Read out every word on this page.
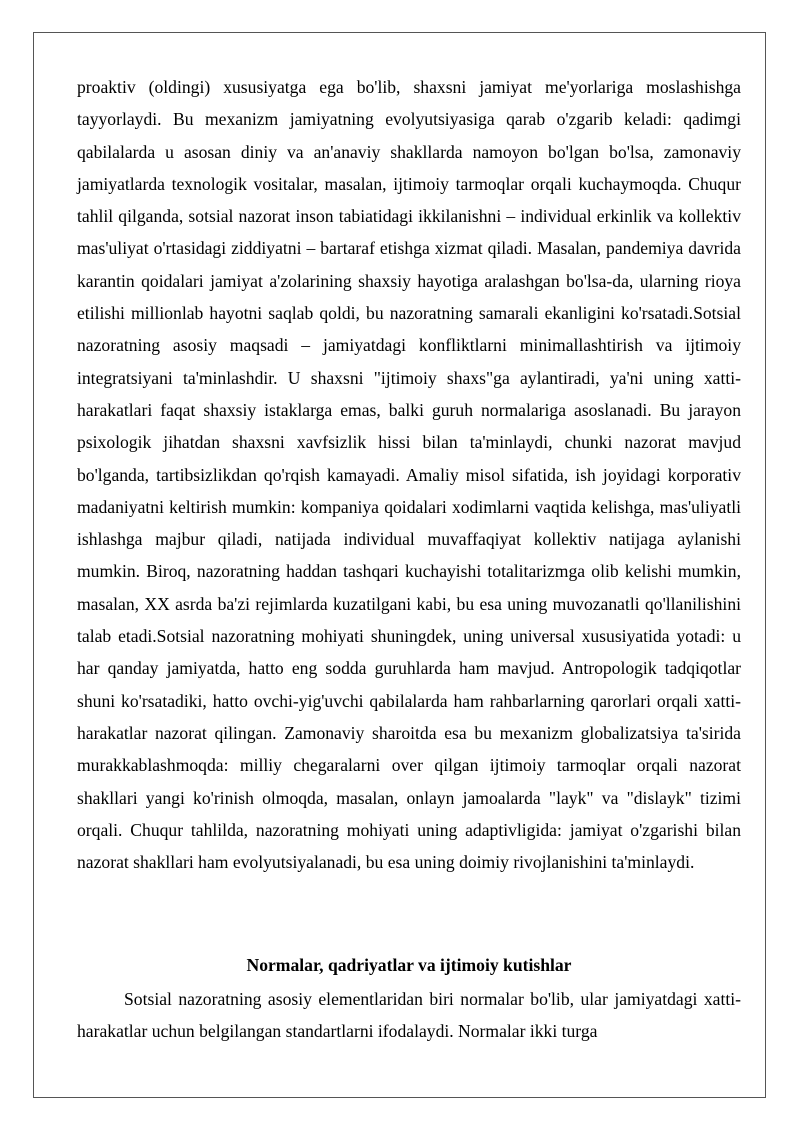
proaktiv (oldingi) xususiyatga ega bo'lib, shaxsni jamiyat me'yorlariga moslashishga tayyorlaydi. Bu mexanizm jamiyatning evolyutsiyasiga qarab o'zgarib keladi: qadimgi qabilalarda u asosan diniy va an'anaviy shakllarda namoyon bo'lgan bo'lsa, zamonaviy jamiyatlarda texnologik vositalar, masalan, ijtimoiy tarmoqlar orqali kuchaymoqda. Chuqur tahlil qilganda, sotsial nazorat inson tabiatidagi ikkilanishni – individual erkinlik va kollektiv mas'uliyat o'rtasidagi ziddiyatni – bartaraf etishga xizmat qiladi. Masalan, pandemiya davrida karantin qoidalari jamiyat a'zolarining shaxsiy hayotiga aralashgan bo'lsa-da, ularning rioya etilishi millionlab hayotni saqlab qoldi, bu nazoratning samarali ekanligini ko'rsatadi.Sotsial nazoratning asosiy maqsadi – jamiyatdagi konfliktlarni minimallashtirish va ijtimoiy integratsiyani ta'minlashdir. U shaxsni "ijtimoiy shaxs"ga aylantiradi, ya'ni uning xatti-harakatlari faqat shaxsiy istaklarga emas, balki guruh normalariga asoslanadi. Bu jarayon psixologik jihatdan shaxsni xavfsizlik hissi bilan ta'minlaydi, chunki nazorat mavjud bo'lganda, tartibsizlikdan qo'rqish kamayadi. Amaliy misol sifatida, ish joyidagi korporativ madaniyatni keltirish mumkin: kompaniya qoidalari xodimlarni vaqtida kelishga, mas'uliyatli ishlashga majbur qiladi, natijada individual muvaffaqiyat kollektiv natijaga aylanishi mumkin. Biroq, nazoratning haddan tashqari kuchayishi totalitarizmga olib kelishi mumkin, masalan, XX asrda ba'zi rejimlarda kuzatilgani kabi, bu esa uning muvozanatli qo'llanilishini talab etadi.Sotsial nazoratning mohiyati shuningdek, uning universal xususiyatida yotadi: u har qanday jamiyatda, hatto eng sodda guruhlarda ham mavjud. Antropologik tadqiqotlar shuni ko'rsatadiki, hatto ovchi-yig'uvchi qabilalarda ham rahbarlarning qarorlari orqali xatti-harakatlar nazorat qilingan. Zamonaviy sharoitda esa bu mexanizm globalizatsiya ta'sirida murakkablashmoqda: milliy chegaralarni over qilgan ijtimoiy tarmoqlar orqali nazorat shakllari yangi ko'rinish olmoqda, masalan, onlayn jamoalarda "layk" va "dislayk" tizimi orqali. Chuqur tahlilda, nazoratning mohiyati uning adaptivligida: jamiyat o'zgarishi bilan nazorat shakllari ham evolyutsiyalanadi, bu esa uning doimiy rivojlanishini ta'minlaydi.

Normalar, qadriyatlar va ijtimoiy kutishlar

Sotsial nazoratning asosiy elementlaridan biri normalar bo'lib, ular jamiyatdagi xatti-harakatlar uchun belgilangan standartlarni ifodalaydi. Normalar ikki turga
